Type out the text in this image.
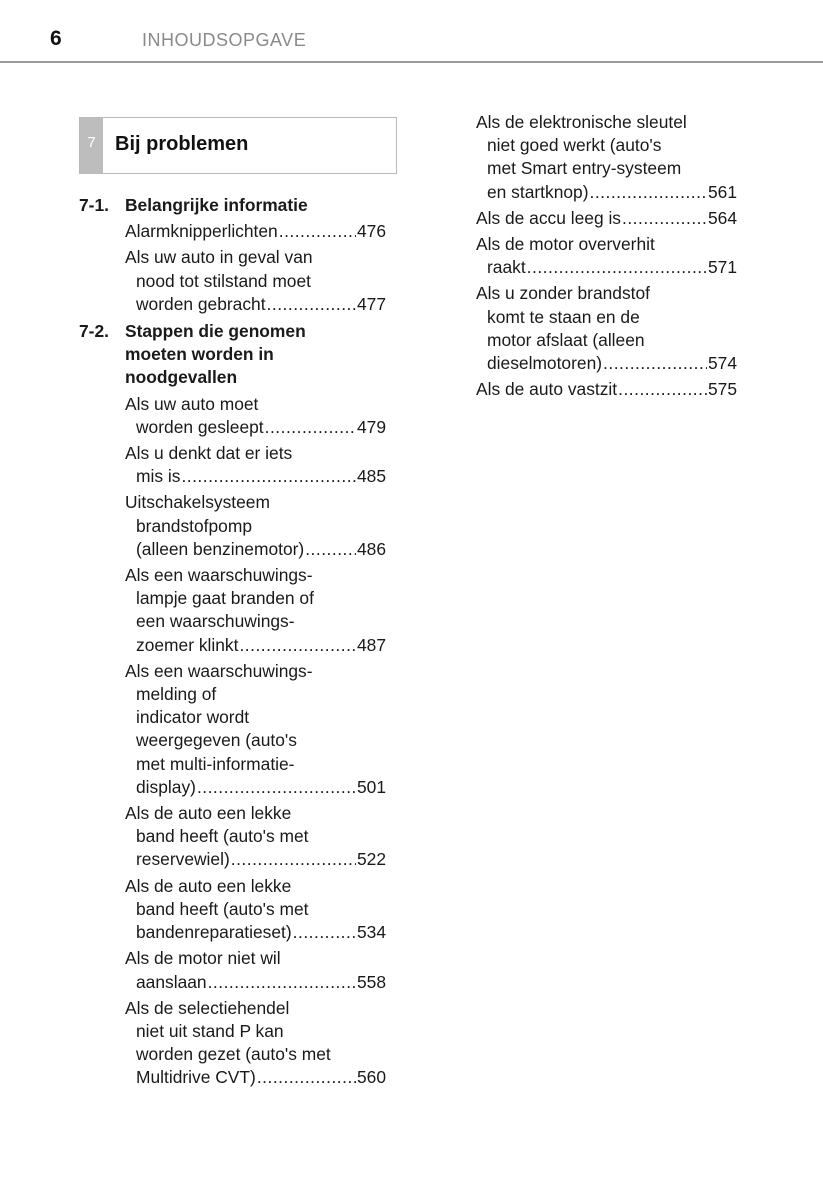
6	INHOUDSOPGAVE
7 Bij problemen
7-1. Belangrijke informatie
Alarmknipperlichten .....	476
Als uw auto in geval van
nood tot stilstand moet
worden gebracht .....	477
7-2. Stappen die genomen
moeten worden in
noodgevallen
Als uw auto moet
worden gesleept .....	479
Als u denkt dat er iets
mis is .....	485
Uitschakelsysteem
brandstofpomp
(alleen benzinemotor) .....	486
Als een waarschuwings-
lampje gaat branden of
een waarschuwings-
zoemer klinkt .....	487
Als een waarschuwings-
melding of
indicator wordt
weergegeven (auto's
met multi-informatie-
display) .....	501
Als de auto een lekke
band heeft (auto's met
reservewiel) .....	522
Als de auto een lekke
band heeft (auto's met
bandenreparatieset) .....	534
Als de motor niet wil
aanslaan .....	558
Als de selectiehendel
niet uit stand P kan
worden gezet (auto's met
Multidrive CVT) .....	560
Als de elektronische sleutel
niet goed werkt (auto's
met Smart entry-systeem
en startknop) .....	561
Als de accu leeg is .....	564
Als de motor oververhit
raakt .....	571
Als u zonder brandstof
komt te staan en de
motor afslaat (alleen
dieselmotoren) .....	574
Als de auto vastzit .....	575
